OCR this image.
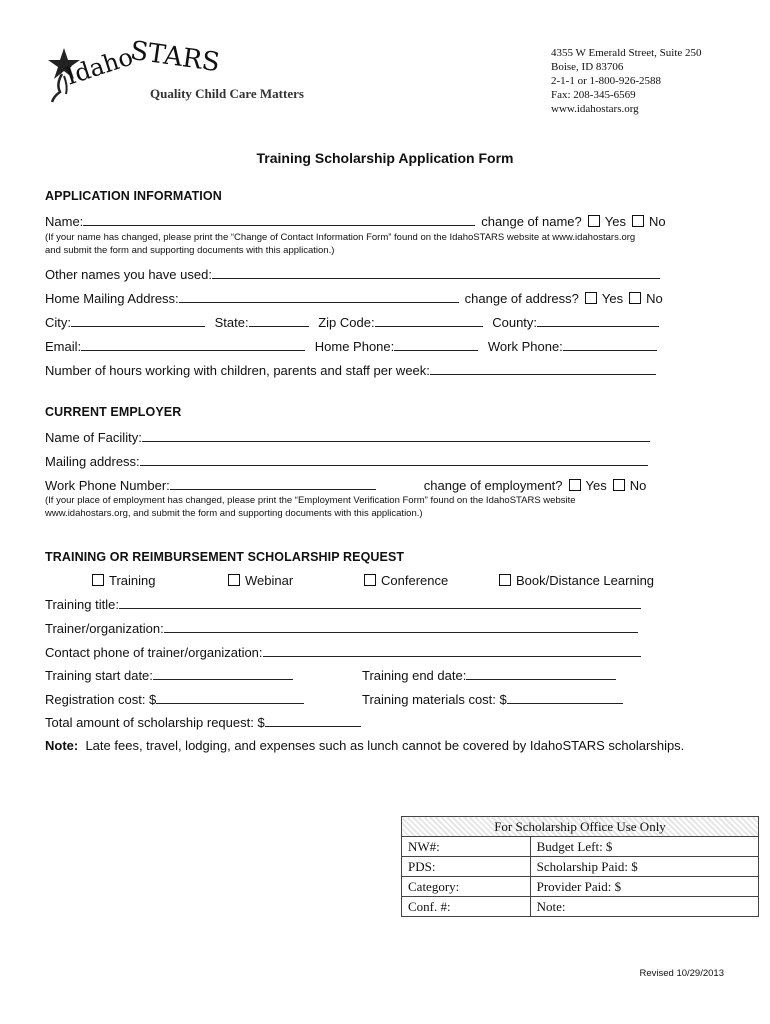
Idaho
STARS
Quality Child Care Matters
4355 W Emerald Street, Suite 250
Boise, ID 83706
2-1-1 or 1-800-926-2588
Fax: 208-345-6569
www.idahostars.org
Training Scholarship Application Form
APPLICATION INFORMATION
Name:	change of name? Yes No
(If your name has changed, please print the “Change of Contact Information Form” found on the IdahoSTARS website at www.idahostars.org
and submit the form and supporting documents with this application.)
Other names you have used:
Home Mailing Address:	change of address? Yes No
City:	State:	Zip Code:	County:
Email:	Home Phone:	Work Phone:
Number of hours working with children, parents and staff per week:
CURRENT EMPLOYER
Name of Facility:
Mailing address:
Work Phone Number:	change of employment? Yes No
(If your place of employment has changed, please print the “Employment Verification Form” found on the IdahoSTARS website
www.idahostars.org, and submit the form and supporting documents with this application.)
TRAINING OR REIMBURSEMENT SCHOLARSHIP REQUEST
Training	Webinar	Conference	Book/Distance Learning
Training title:
Trainer/organization:
Contact phone of trainer/organization:
Training start date:	Training end date:
Registration cost: $	Training materials cost: $
Total amount of scholarship request: $
Note: Late fees, travel, lodging, and expenses such as lunch cannot be covered by IdahoSTARS scholarships.
For Scholarship Office Use Only	
NW#:	Budget Left: $
PDS:	Scholarship Paid: $
Category:	Provider Paid: $
Conf. #:	Note:
Revised 10/29/2013
